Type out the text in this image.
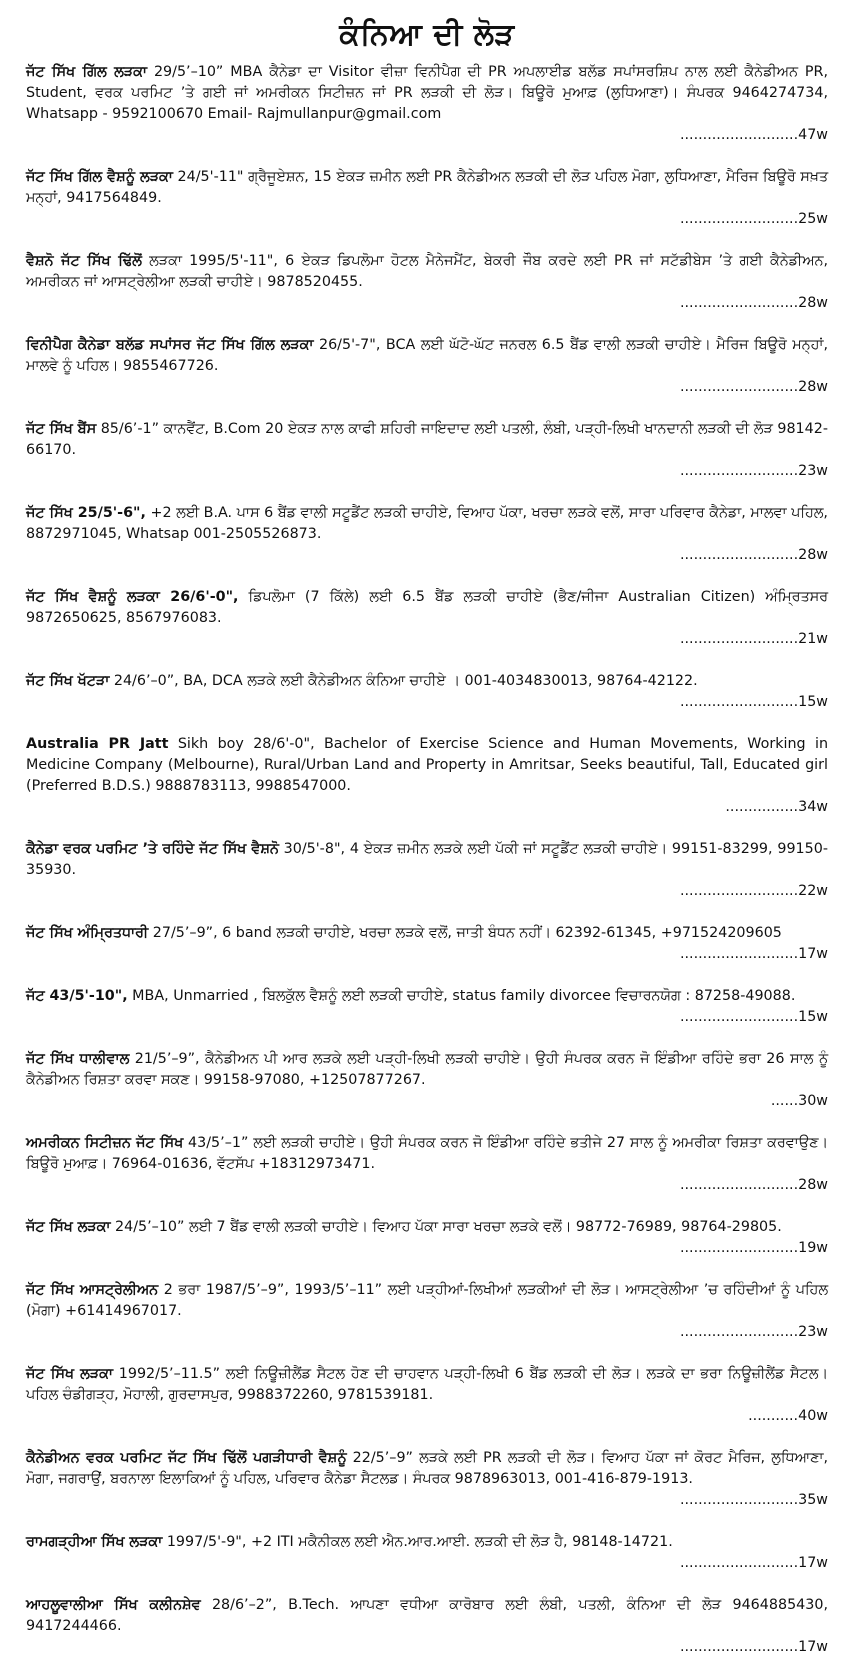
ਕੰਨਿਆ ਦੀ ਲੋੜ
ਜੱਟ ਸਿੱਖ ਗਿੱਲ ਲੜਕਾ 29/5’–10” MBA ਕੈਨੇਡਾ ਦਾ Visitor ਵੀਜ਼ਾ ਵਿਨੀਪੈਗ ਦੀ PR ਅਪਲਾਈਡ ਬਲੱਡ ਸਪਾਂਸਰਸ਼ਿਪ ਨਾਲ ਲਈ ਕੈਨੇਡੀਅਨ PR, Student, ਵਰਕ ਪਰਮਿਟ ’ਤੇ ਗਈ ਜਾਂ ਅਮਰੀਕਨ ਸਿਟੀਜ਼ਨ ਜਾਂ PR ਲੜਕੀ ਦੀ ਲੋੜ। ਬਿਊਰੋ ਮੁਆਫ਼ (ਲੁਧਿਆਣਾ)। ਸੰਪਰਕ 9464274734, Whatsapp - 9592100670 Email- Rajmullanpur@gmail.com
..........................47w
ਜੱਟ ਸਿੱਖ ਗਿੱਲ ਵੈਸ਼ਨੂੰ ਲੜਕਾ 24/5'-11" ਗ੍ਰੈਜੂਏਸ਼ਨ, 15 ਏਕੜ ਜ਼ਮੀਨ ਲਈ PR ਕੈਨੇਡੀਅਨ ਲੜਕੀ ਦੀ ਲੋੜ ਪਹਿਲ ਮੋਗਾ, ਲੁਧਿਆਣਾ, ਮੈਰਿਜ ਬਿਊਰੋ ਸਖ਼ਤ ਮਨ੍ਹਾਂ, 9417564849.
..........................25w
ਵੈਸ਼ਨੋ ਜੱਟ ਸਿੱਖ ਢਿੱਲੋਂ ਲੜਕਾ 1995/5'-11", 6 ਏਕੜ ਡਿਪਲੋਮਾ ਹੋਟਲ ਮੈਨੇਜਮੈਂਟ, ਬੇਕਰੀ ਜੌਬ ਕਰਦੇ ਲਈ PR ਜਾਂ ਸਟੱਡੀਬੇਸ ’ਤੇ ਗਈ ਕੈਨੇਡੀਅਨ, ਅਮਰੀਕਨ ਜਾਂ ਆਸਟ੍ਰੇਲੀਆ ਲੜਕੀ ਚਾਹੀਏ। 9878520455.
..........................28w
ਵਿਨੀਪੈਗ ਕੈਨੇਡਾ ਬਲੱਡ ਸਪਾਂਸਰ ਜੱਟ ਸਿੱਖ ਗਿੱਲ ਲੜਕਾ 26/5'-7", BCA ਲਈ ਘੱਟੋ-ਘੱਟ ਜਨਰਲ 6.5 ਬੈਂਡ ਵਾਲੀ ਲੜਕੀ ਚਾਹੀਏ। ਮੈਰਿਜ ਬਿਊਰੋ ਮਨ੍ਹਾਂ, ਮਾਲਵੇ ਨੂੰ ਪਹਿਲ। 9855467726.
..........................28w
ਜੱਟ ਸਿੱਖ ਬੈਂਸ 85/6’-1” ਕਾਨਵੈਂਟ, B.Com 20 ਏਕੜ ਨਾਲ ਕਾਫੀ ਸ਼ਹਿਰੀ ਜਾਇਦਾਦ ਲਈ ਪਤਲੀ, ਲੰਬੀ, ਪੜ੍ਹੀ-ਲਿਖੀ ਖਾਨਦਾਨੀ ਲੜਕੀ ਦੀ ਲੋੜ 98142-66170.
..........................23w
ਜੱਟ ਸਿੱਖ 25/5'-6", +2 ਲਈ B.A. ਪਾਸ 6 ਬੈਂਡ ਵਾਲੀ ਸਟੂਡੈਂਟ ਲੜਕੀ ਚਾਹੀਏ, ਵਿਆਹ ਪੱਕਾ, ਖਰਚਾ ਲੜਕੇ ਵਲੋਂ, ਸਾਰਾ ਪਰਿਵਾਰ ਕੈਨੇਡਾ, ਮਾਲਵਾ ਪਹਿਲ, 8872971045, Whatsap 001-2505526873.
..........................28w
ਜੱਟ ਸਿੱਖ ਵੈਸ਼ਨੂੰ ਲੜਕਾ 26/6'-0", ਡਿਪਲੋਮਾ (7 ਕਿੱਲੇ) ਲਈ 6.5 ਬੈਂਡ ਲੜਕੀ ਚਾਹੀਏ (ਭੈਣ/ਜੀਜਾ Australian Citizen) ਅੰਮ੍ਰਿਤਸਰ 9872650625, 8567976083.
..........................21w
ਜੱਟ ਸਿੱਖ ਖੱਟੜਾ 24/6’–0”, BA, DCA ਲੜਕੇ ਲਈ ਕੈਨੇਡੀਅਨ ਕੰਨਿਆ ਚਾਹੀਏ । 001-4034830013, 98764-42122.
..........................15w
Australia PR Jatt Sikh boy 28/6'-0", Bachelor of Exercise Science and Human Movements, Working in Medicine Company (Melbourne), Rural/Urban Land and Property in Amritsar, Seeks beautiful, Tall, Educated girl (Preferred B.D.S.) 9888783113, 9988547000.
................34w
ਕੈਨੇਡਾ ਵਰਕ ਪਰਮਿਟ ’ਤੇ ਰਹਿੰਦੇ ਜੱਟ ਸਿੱਖ ਵੈਸ਼ਨੋ 30/5'-8", 4 ਏਕੜ ਜ਼ਮੀਨ ਲੜਕੇ ਲਈ ਪੱਕੀ ਜਾਂ ਸਟੂਡੈਂਟ ਲੜਕੀ ਚਾਹੀਏ। 99151-83299, 99150-35930.
..........................22w
ਜੱਟ ਸਿੱਖ ਅੰਮ੍ਰਿਤਧਾਰੀ 27/5’–9”, 6 band ਲੜਕੀ ਚਾਹੀਏ, ਖਰਚਾ ਲੜਕੇ ਵਲੋਂ, ਜਾਤੀ ਬੰਧਨ ਨਹੀਂ। 62392-61345, +971524209605
..........................17w
ਜੱਟ 43/5'-10", MBA, Unmarried , ਬਿਲਕੁੱਲ ਵੈਸ਼ਨੂੰ ਲਈ ਲੜਕੀ ਚਾਹੀਏ, status family divorcee ਵਿਚਾਰਨਯੋਗ : 87258-49088.
..........................15w
ਜੱਟ ਸਿੱਖ ਧਾਲੀਵਾਲ 21/5’–9”, ਕੈਨੇਡੀਅਨ ਪੀ ਆਰ ਲੜਕੇ ਲਈ ਪੜ੍ਹੀ-ਲਿਖੀ ਲੜਕੀ ਚਾਹੀਏ। ਉਹੀ ਸੰਪਰਕ ਕਰਨ ਜੋ ਇੰਡੀਆ ਰਹਿੰਦੇ ਭਰਾ 26 ਸਾਲ ਨੂੰ ਕੈਨੇਡੀਅਨ ਰਿਸ਼ਤਾ ਕਰਵਾ ਸਕਣ। 99158-97080, +12507877267.
......30w
ਅਮਰੀਕਨ ਸਿਟੀਜ਼ਨ ਜੱਟ ਸਿੱਖ 43/5’–1” ਲਈ ਲੜਕੀ ਚਾਹੀਏ। ਉਹੀ ਸੰਪਰਕ ਕਰਨ ਜੋ ਇੰਡੀਆ ਰਹਿੰਦੇ ਭਤੀਜੇ 27 ਸਾਲ ਨੂੰ ਅਮਰੀਕਾ ਰਿਸ਼ਤਾ ਕਰਵਾਉਣ। ਬਿਊਰੋ ਮੁਆਫ਼। 76964-01636, ਵੱਟਸੱਪ +18312973471.
..........................28w
ਜੱਟ ਸਿੱਖ ਲੜਕਾ 24/5’–10” ਲਈ 7 ਬੈਂਡ ਵਾਲੀ ਲੜਕੀ ਚਾਹੀਏ। ਵਿਆਹ ਪੱਕਾ ਸਾਰਾ ਖਰਚਾ ਲੜਕੇ ਵਲੋਂ। 98772-76989, 98764-29805.
..........................19w
ਜੱਟ ਸਿੱਖ ਆਸਟ੍ਰੇਲੀਅਨ 2 ਭਰਾ 1987/5’–9”, 1993/5’–11” ਲਈ ਪੜ੍ਹੀਆਂ-ਲਿਖੀਆਂ ਲੜਕੀਆਂ ਦੀ ਲੋੜ। ਆਸਟ੍ਰੇਲੀਆ ’ਚ ਰਹਿੰਦੀਆਂ ਨੂੰ ਪਹਿਲ (ਮੋਗਾ) +61414967017.
..........................23w
ਜੱਟ ਸਿੱਖ ਲੜਕਾ 1992/5’–11.5” ਲਈ ਨਿਊਜ਼ੀਲੈਂਡ ਸੈਟਲ ਹੋਣ ਦੀ ਚਾਹਵਾਨ ਪੜ੍ਹੀ-ਲਿਖੀ 6 ਬੈਂਡ ਲੜਕੀ ਦੀ ਲੋੜ। ਲੜਕੇ ਦਾ ਭਰਾ ਨਿਊਜ਼ੀਲੈਂਡ ਸੈਟਲ। ਪਹਿਲ ਚੰਡੀਗੜ੍ਹ, ਮੋਹਾਲੀ, ਗੁਰਦਾਸਪੁਰ, 9988372260, 9781539181.
...........40w
ਕੈਨੇਡੀਅਨ ਵਰਕ ਪਰਮਿਟ ਜੱਟ ਸਿੱਖ ਢਿੱਲੋਂ ਪਗੜੀਧਾਰੀ ਵੈਸ਼ਨੂੰ 22/5’–9” ਲੜਕੇ ਲਈ PR ਲੜਕੀ ਦੀ ਲੋੜ। ਵਿਆਹ ਪੱਕਾ ਜਾਂ ਕੋਰਟ ਮੈਰਿਜ, ਲੁਧਿਆਣਾ, ਮੋਗਾ, ਜਗਰਾਉਂ, ਬਰਨਾਲਾ ਇਲਾਕਿਆਂ ਨੂੰ ਪਹਿਲ, ਪਰਿਵਾਰ ਕੈਨੇਡਾ ਸੈਟਲਡ। ਸੰਪਰਕ 9878963013, 001-416-879-1913.
..........................35w
ਰਾਮਗੜ੍ਹੀਆ ਸਿੱਖ ਲੜਕਾ 1997/5'-9", +2 ITI ਮਕੈਨੀਕਲ ਲਈ ਐਨ.ਆਰ.ਆਈ. ਲੜਕੀ ਦੀ ਲੋੜ ਹੈ, 98148-14721.
..........................17w
ਆਹਲੂਵਾਲੀਆ ਸਿੱਖ ਕਲੀਨਸ਼ੇਵ 28/6’–2”, B.Tech. ਆਪਣਾ ਵਧੀਆ ਕਾਰੋਬਾਰ ਲਈ ਲੰਬੀ, ਪਤਲੀ, ਕੰਨਿਆ ਦੀ ਲੋੜ 9464885430, 9417244466.
..........................17w
